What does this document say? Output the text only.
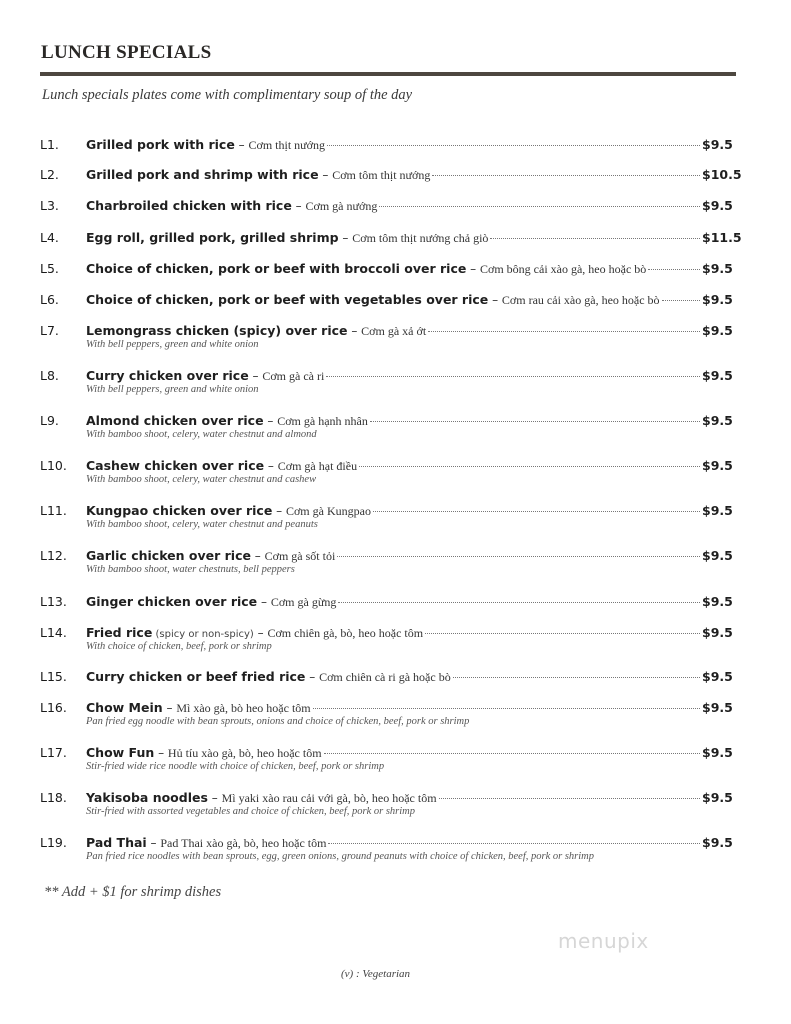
LUNCH SPECIALS
Lunch specials plates come with complimentary soup of the day
L1. Grilled pork with rice – Cơm thịt nướng	$9.5
L2. Grilled pork and shrimp with rice – Cơm tôm thịt nướng	$10.5
L3. Charbroiled chicken with rice – Cơm gà nướng	$9.5
L4. Egg roll, grilled pork, grilled shrimp – Cơm tôm thịt nướng chả giò	$11.5
L5. Choice of chicken, pork or beef with broccoli over rice – Cơm bông cải xào gà, heo hoặc bò	$9.5
L6. Choice of chicken, pork or beef with vegetables over rice – Cơm rau cải xào gà, heo hoặc bò	$9.5
L7. Lemongrass chicken (spicy) over rice – Cơm gà xả ớt	$9.5
With bell peppers, green and white onion
L8. Curry chicken over rice – Cơm gà cà ri	$9.5
With bell peppers, green and white onion
L9. Almond chicken over rice – Cơm gà hạnh nhân	$9.5
With bamboo shoot, celery, water chestnut and almond
L10. Cashew chicken over rice – Cơm gà hạt điều	$9.5
With bamboo shoot, celery, water chestnut and cashew
L11. Kungpao chicken over rice – Cơm gà Kungpao	$9.5
With bamboo shoot, celery, water chestnut and peanuts
L12. Garlic chicken over rice – Cơm gà sốt tỏi	$9.5
With bamboo shoot, water chestnuts, bell peppers
L13. Ginger chicken over rice – Cơm gà gừng	$9.5
L14. Fried rice (spicy or non-spicy) – Cơm chiên gà, bò, heo hoặc tôm	$9.5
With choice of chicken, beef, pork or shrimp
L15. Curry chicken or beef fried rice – Cơm chiên cà ri gà hoặc bò	$9.5
L16. Chow Mein – Mì xào gà, bò heo hoặc tôm	$9.5
Pan fried egg noodle with bean sprouts, onions and choice of chicken, beef, pork or shrimp
L17. Chow Fun – Hủ tíu xào gà, bò, heo hoặc tôm	$9.5
Stir-fried wide rice noodle with choice of chicken, beef, pork or shrimp
L18. Yakisoba noodles – Mì yaki xào rau cải với gà, bò, heo hoặc tôm	$9.5
Stir-fried with assorted vegetables and choice of chicken, beef, pork or shrimp
L19. Pad Thai – Pad Thai xào gà, bò, heo hoặc tôm	$9.5
Pan fried rice noodles with bean sprouts, egg, green onions, ground peanuts with choice of chicken, beef, pork or shrimp
** Add + $1 for shrimp dishes
menupix
(v) : Vegetarian
